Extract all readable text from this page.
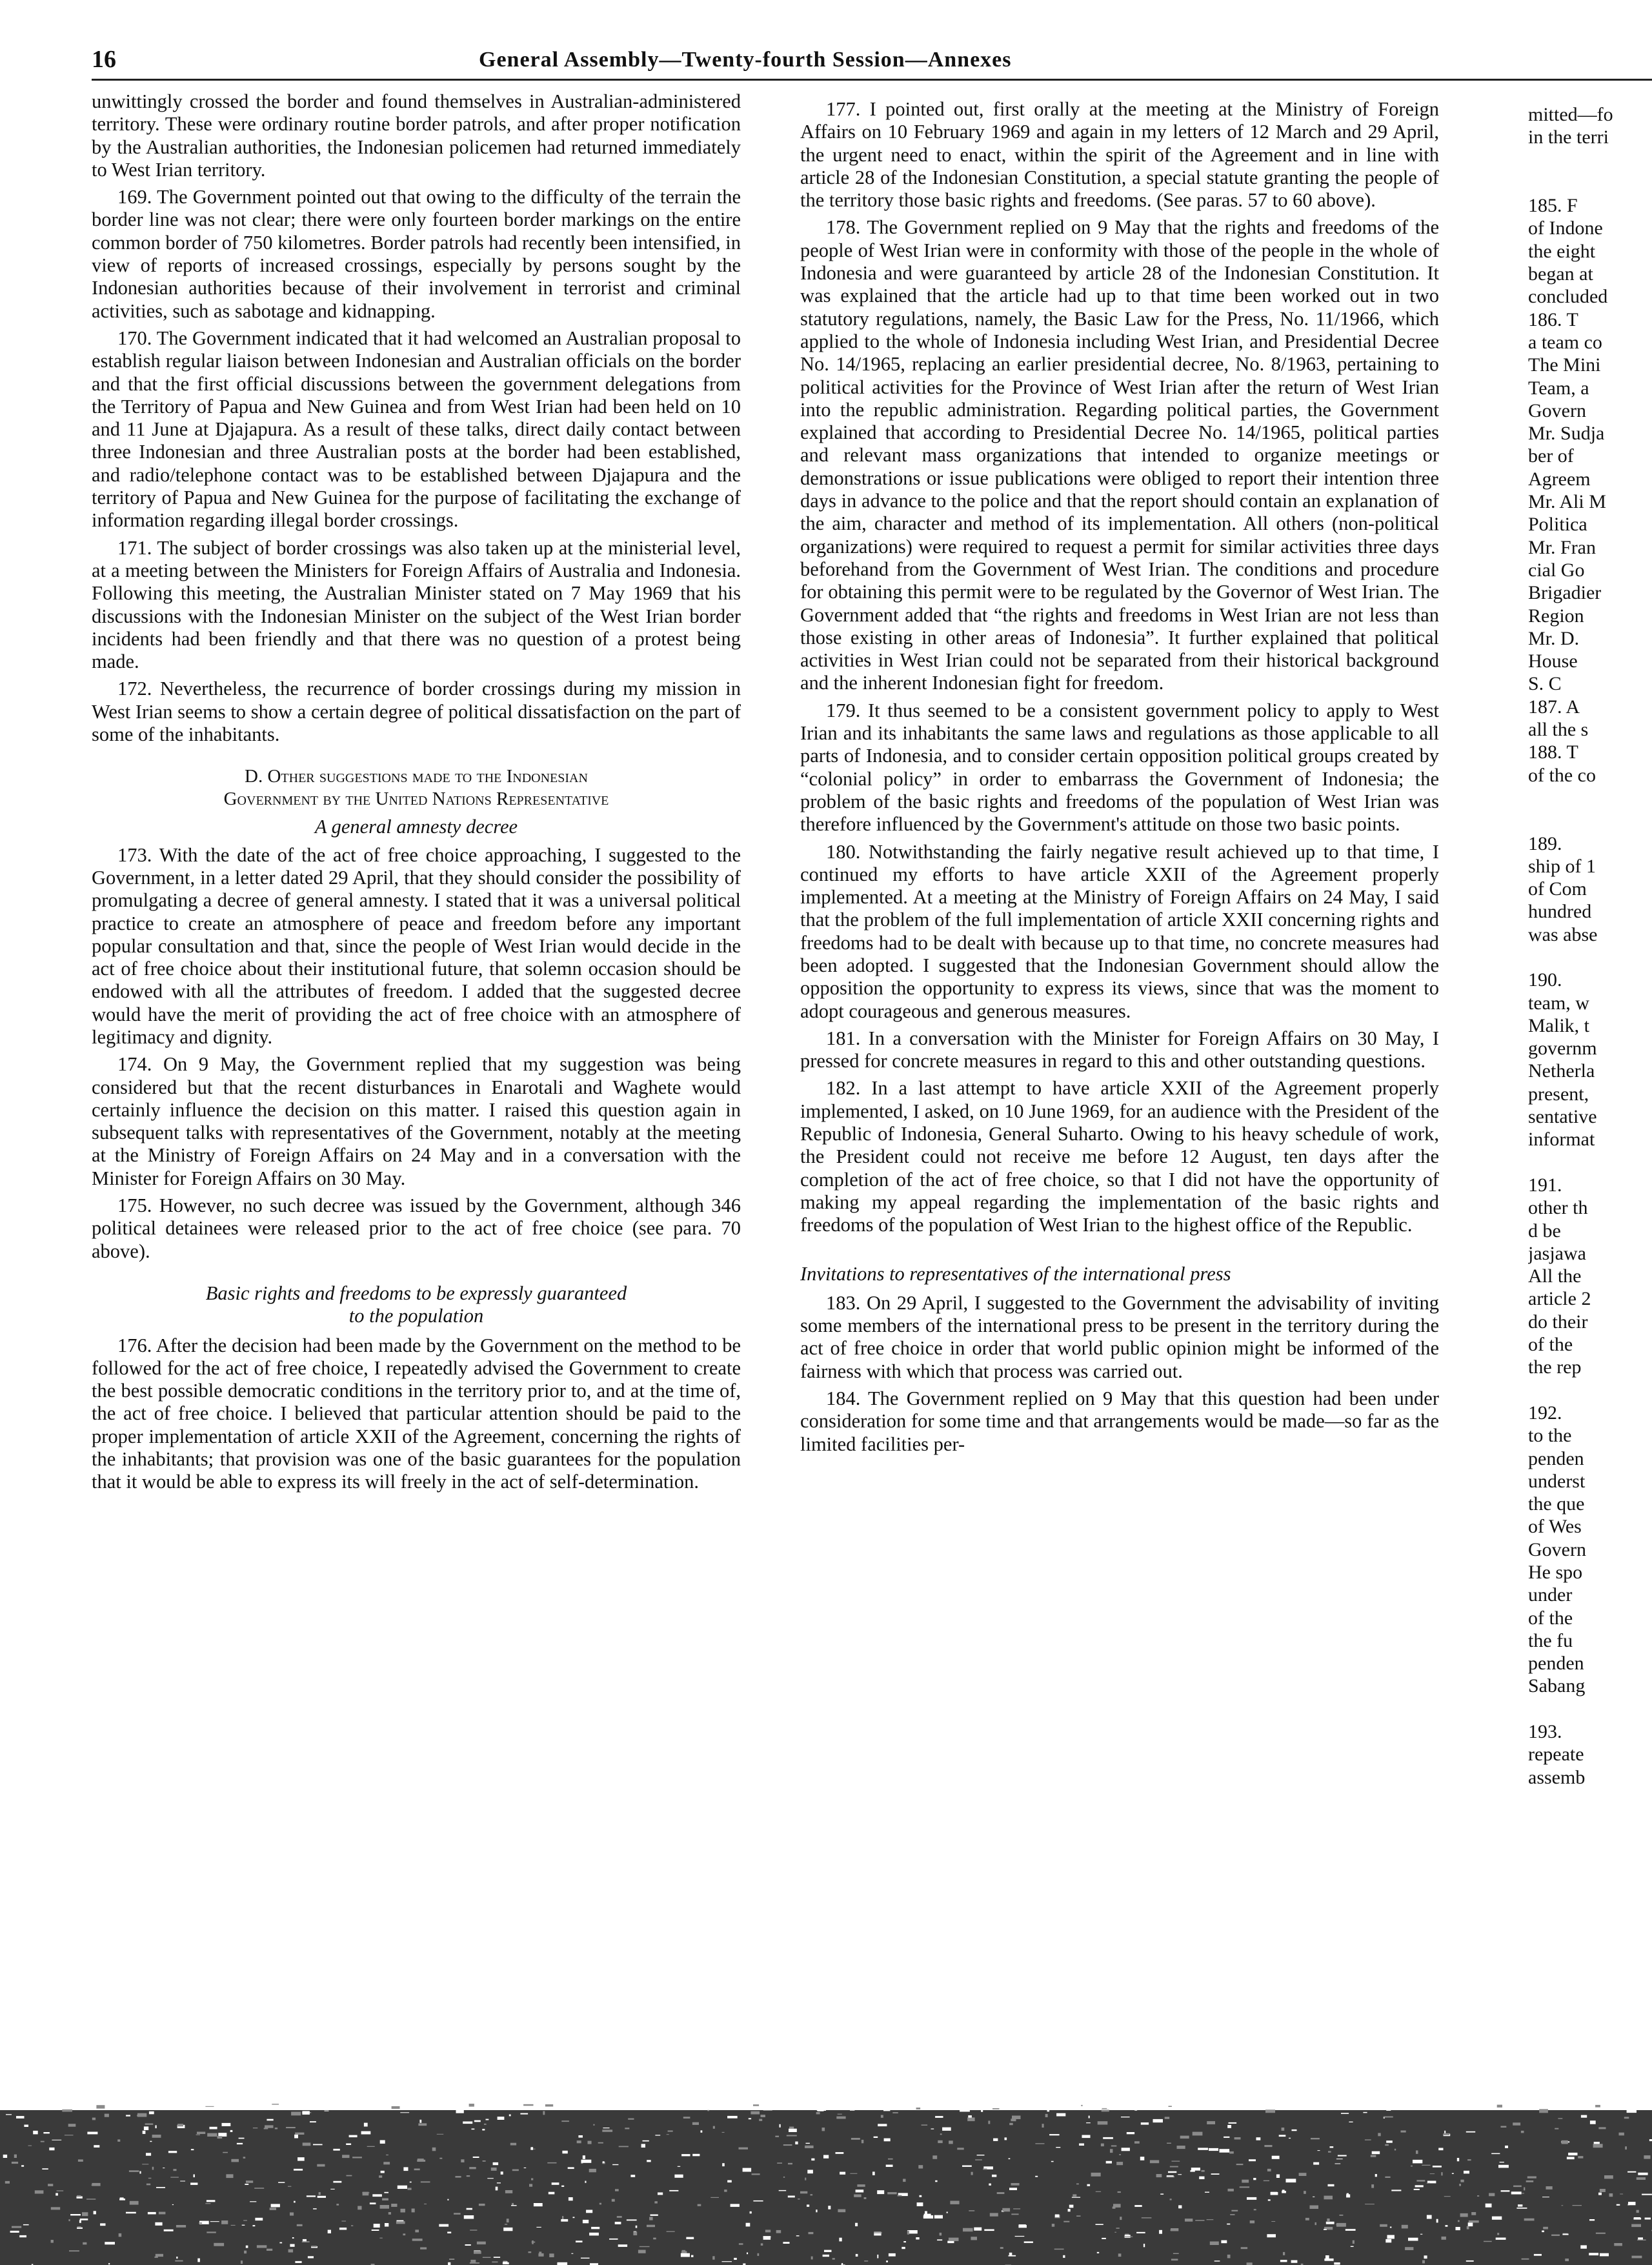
16	General Assembly—Twenty-fourth Session—Annexes

unwittingly crossed the border and found themselves in Australian-administered territory. These were ordinary routine border patrols, and after proper notification by the Australian authorities, the Indonesian policemen had returned immediately to West Irian territory.

169. The Government pointed out that owing to the difficulty of the terrain the border line was not clear; there were only fourteen border markings on the entire common border of 750 kilometres. Border patrols had recently been intensified, in view of reports of increased crossings, especially by persons sought by the Indonesian authorities because of their involvement in terrorist and criminal activities, such as sabotage and kidnapping.

170. The Government indicated that it had welcomed an Australian proposal to establish regular liaison between Indonesian and Australian officials on the border and that the first official discussions between the government delegations from the Territory of Papua and New Guinea and from West Irian had been held on 10 and 11 June at Djajapura. As a result of these talks, direct daily contact between three Indonesian and three Australian posts at the border had been established, and radio/telephone contact was to be established between Djajapura and the territory of Papua and New Guinea for the purpose of facilitating the exchange of information regarding illegal border crossings.

171. The subject of border crossings was also taken up at the ministerial level, at a meeting between the Ministers for Foreign Affairs of Australia and Indonesia. Following this meeting, the Australian Minister stated on 7 May 1969 that his discussions with the Indonesian Minister on the subject of the West Irian border incidents had been friendly and that there was no question of a protest being made.

172. Nevertheless, the recurrence of border crossings during my mission in West Irian seems to show a certain degree of political dissatisfaction on the part of some of the inhabitants.

D. Other suggestions made to the Indonesian
Government by the United Nations Representative
A general amnesty decree

173. With the date of the act of free choice approaching, I suggested to the Government, in a letter dated 29 April, that they should consider the possibility of promulgating a decree of general amnesty. I stated that it was a universal political practice to create an atmosphere of peace and freedom before any important popular consultation and that, since the people of West Irian would decide in the act of free choice about their institutional future, that solemn occasion should be endowed with all the attributes of freedom. I added that the suggested decree would have the merit of providing the act of free choice with an atmosphere of legitimacy and dignity.

174. On 9 May, the Government replied that my suggestion was being considered but that the recent disturbances in Enarotali and Waghete would certainly influence the decision on this matter. I raised this question again in subsequent talks with representatives of the Government, notably at the meeting at the Ministry of Foreign Affairs on 24 May and in a conversation with the Minister for Foreign Affairs on 30 May.

175. However, no such decree was issued by the Government, although 346 political detainees were released prior to the act of free choice (see para. 70 above).

Basic rights and freedoms to be expressly guaranteed
to the population

176. After the decision had been made by the Government on the method to be followed for the act of free choice, I repeatedly advised the Government to create the best possible democratic conditions in the territory prior to, and at the time of, the act of free choice. I believed that particular attention should be paid to the proper implementation of article XXII of the Agreement, concerning the rights of the inhabitants; that provision was one of the basic guarantees for the population that it would be able to express its will freely in the act of self-determination.

177. I pointed out, first orally at the meeting at the Ministry of Foreign Affairs on 10 February 1969 and again in my letters of 12 March and 29 April, the urgent need to enact, within the spirit of the Agreement and in line with article 28 of the Indonesian Constitution, a special statute granting the people of the territory those basic rights and freedoms. (See paras. 57 to 60 above).

178. The Government replied on 9 May that the rights and freedoms of the people of West Irian were in conformity with those of the people in the whole of Indonesia and were guaranteed by article 28 of the Indonesian Constitution. It was explained that the article had up to that time been worked out in two statutory regulations, namely, the Basic Law for the Press, No. 11/1966, which applied to the whole of Indonesia including West Irian, and Presidential Decree No. 14/1965, replacing an earlier presidential decree, No. 8/1963, pertaining to political activities for the Province of West Irian after the return of West Irian into the republic administration. Regarding political parties, the Government explained that according to Presidential Decree No. 14/1965, political parties and relevant mass organizations that intended to organize meetings or demonstrations or issue publications were obliged to report their intention three days in advance to the police and that the report should contain an explanation of the aim, character and method of its implementation. All others (non-political organizations) were required to request a permit for similar activities three days beforehand from the Government of West Irian. The conditions and procedure for obtaining this permit were to be regulated by the Governor of West Irian. The Government added that “the rights and freedoms in West Irian are not less than those existing in other areas of Indonesia”. It further explained that political activities in West Irian could not be separated from their historical background and the inherent Indonesian fight for freedom.

179. It thus seemed to be a consistent government policy to apply to West Irian and its inhabitants the same laws and regulations as those applicable to all parts of Indonesia, and to consider certain opposition political groups created by “colonial policy” in order to embarrass the Government of Indonesia; the problem of the basic rights and freedoms of the population of West Irian was therefore influenced by the Government's attitude on those two basic points.

180. Notwithstanding the fairly negative result achieved up to that time, I continued my efforts to have article XXII of the Agreement properly implemented. At a meeting at the Ministry of Foreign Affairs on 24 May, I said that the problem of the full implementation of article XXII concerning rights and freedoms had to be dealt with because up to that time, no concrete measures had been adopted. I suggested that the Indonesian Government should allow the opposition the opportunity to express its views, since that was the moment to adopt courageous and generous measures.

181. In a conversation with the Minister for Foreign Affairs on 30 May, I pressed for concrete measures in regard to this and other outstanding questions.

182. In a last attempt to have article XXII of the Agreement properly implemented, I asked, on 10 June 1969, for an audience with the President of the Republic of Indonesia, General Suharto. Owing to his heavy schedule of work, the President could not receive me before 12 August, ten days after the completion of the act of free choice, so that I did not have the opportunity of making my appeal regarding the implementation of the basic rights and freedoms of the population of West Irian to the highest office of the Republic.

Invitations to representatives of the international press

183. On 29 April, I suggested to the Government the advisability of inviting some members of the international press to be present in the territory during the act of free choice in order that world public opinion might be informed of the fairness with which that process was carried out.

184. The Government replied on 9 May that this question had been under consideration for some time and that arrangements would be made—so far as the limited facilities per-

mitted—fo
in the terri

185. F
of Indone
the eight
began at
concluded
186. T
a team co
The Mini
Team, a
Govern
Mr. Sudja
ber of
Agreem
Mr. Ali M
Politica
Mr. Fran
cial Go
Brigadier
Region
Mr. D.
House
S. C
187. A
all the s
188. T
of the co

189.
ship of 1
of Com
hundred
was abse

190.
team, w
Malik, t
governm
Netherla
present,
sentative
informat

191.
other th
d be
jasjawa
All the
article 2
do their
of the
the rep

192.
to the
penden
underst
the que
of Wes
Govern
He spo
under
of the
the fu
penden
Sabang

193.
repeate
assemb
